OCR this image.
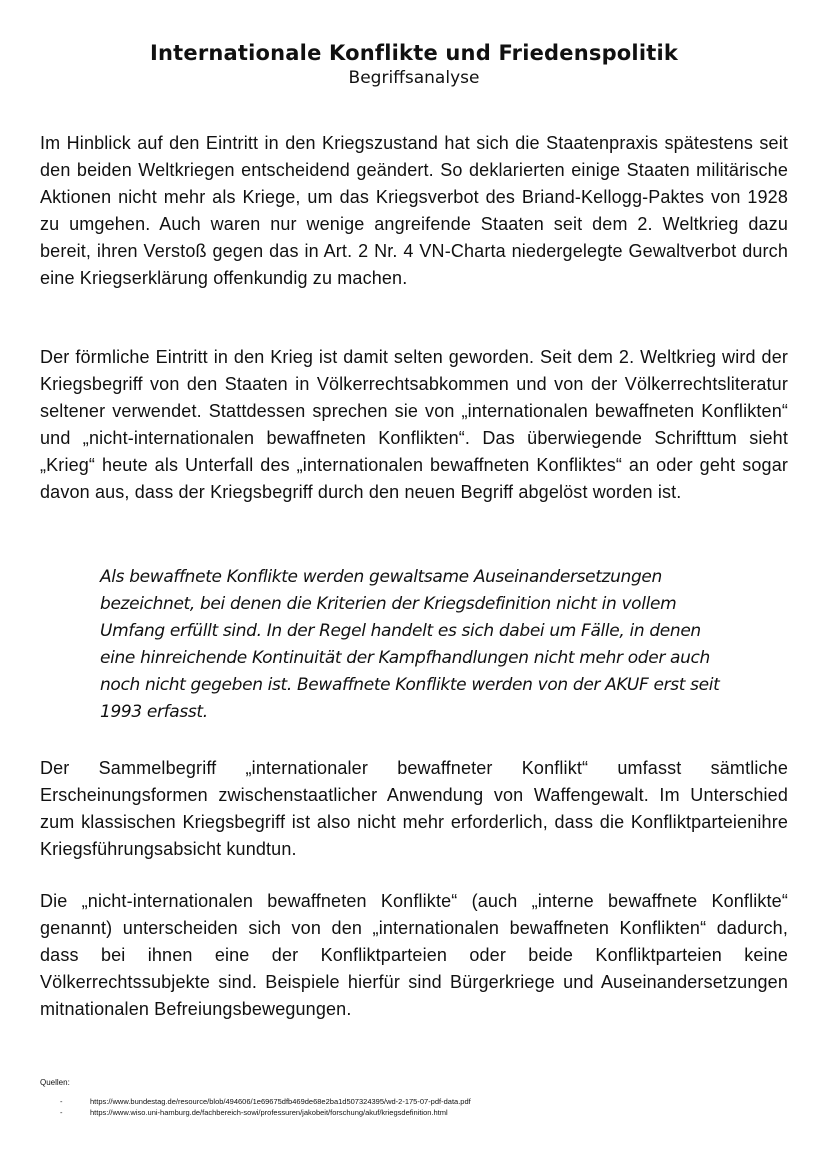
Internationale Konflikte und Friedenspolitik
Begriffsanalyse

Im Hinblick auf den Eintritt in den Kriegszustand hat sich die Staatenpraxis spätestens seit den beiden Weltkriegen entscheidend geändert. So deklarierten einige Staaten militärische Aktionen nicht mehr als Kriege, um das Kriegsverbot des Briand-Kellogg-Paktes von 1928 zu umgehen. Auch waren nur wenige angreifende Staaten seit dem 2. Weltkrieg dazu bereit, ihren Verstoß gegen das in Art. 2 Nr. 4 VN-Charta niedergelegte Gewaltverbot durch eine Kriegserklärung offenkundig zu machen.

Der förmliche Eintritt in den Krieg ist damit selten geworden. Seit dem 2. Weltkrieg wird der Kriegsbegriff von den Staaten in Völkerrechtsabkommen und von der Völkerrechtsliteratur seltener verwendet. Stattdessen sprechen sie von „internationalen bewaffneten Konflikten“ und „nicht-internationalen bewaffneten Konflikten“. Das überwiegende Schrifttum sieht „Krieg“ heute als Unterfall des „internationalen bewaffneten Konfliktes“ an oder geht sogar davon aus, dass der Kriegsbegriff durch den neuen Begriff abgelöst worden ist.

Als bewaffnete Konflikte werden gewaltsame Auseinandersetzungen bezeichnet, bei denen die Kriterien der Kriegsdefinition nicht in vollem Umfang erfüllt sind. In der Regel handelt es sich dabei um Fälle, in denen eine hinreichende Kontinuität der Kampfhandlungen nicht mehr oder auch noch nicht gegeben ist. Bewaffnete Konflikte werden von der AKUF erst seit 1993 erfasst.

Der Sammelbegriff „internationaler bewaffneter Konflikt“ umfasst sämtliche Erscheinungsformen zwischenstaatlicher Anwendung von Waffengewalt. Im Unterschied zum klassischen Kriegsbegriff ist also nicht mehr erforderlich, dass die Konfliktparteienihre Kriegsführungsabsicht kundtun.

Die „nicht-internationalen bewaffneten Konflikte“ (auch „interne bewaffnete Konflikte“ genannt) unterscheiden sich von den „internationalen bewaffneten Konflikten“ dadurch, dass bei ihnen eine der Konfliktparteien oder beide Konfliktparteien keine Völkerrechtssubjekte sind. Beispiele hierfür sind Bürgerkriege und Auseinandersetzungen mitnationalen Befreiungsbewegungen.

Quellen:
-	https://www.bundestag.de/resource/blob/494606/1e69675dfb469de68e2ba1d507324395/wd-2-175-07-pdf-data.pdf
-	https://www.wiso.uni-hamburg.de/fachbereich-sowi/professuren/jakobeit/forschung/akuf/kriegsdefinition.html
